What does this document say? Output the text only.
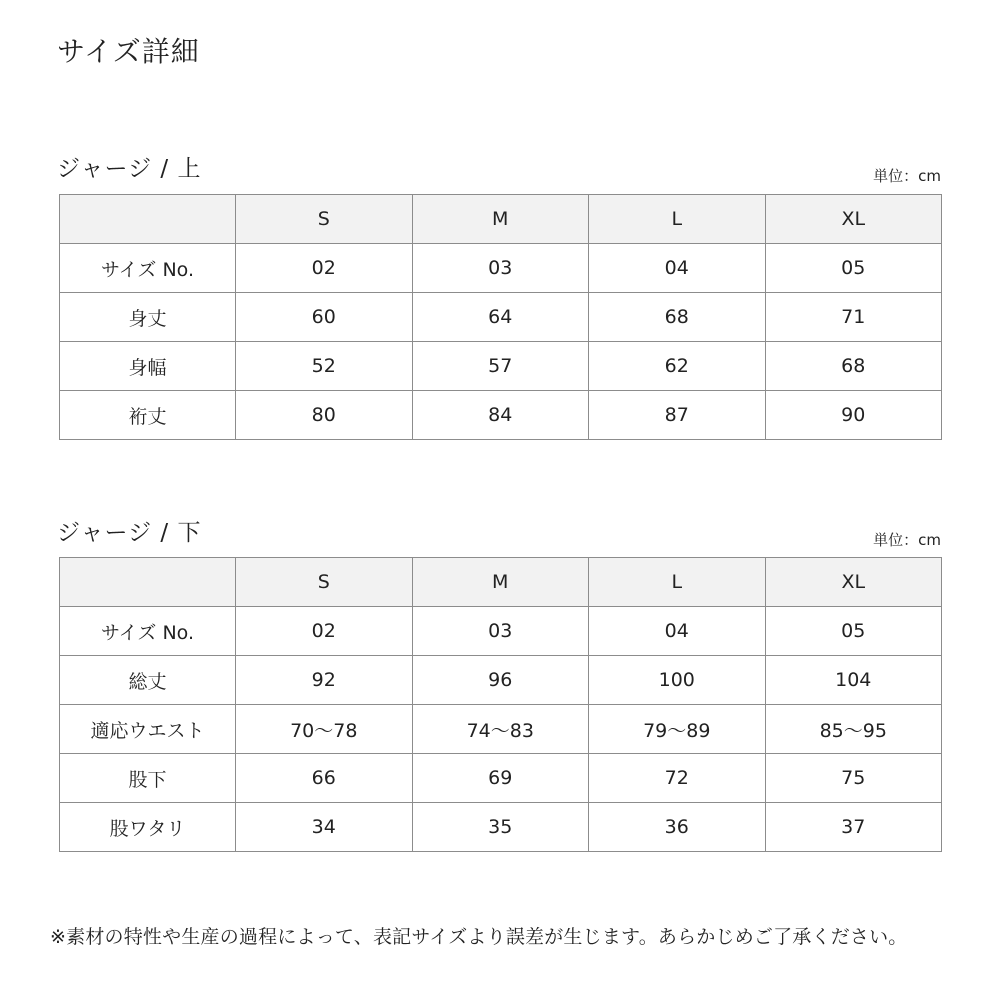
サイズ詳細
ジャージ / 上	単位：cm
	S	M	L	XL
サイズ No.	02	03	04	05
身丈	60	64	68	71
身幅	52	57	62	68
裄丈	80	84	87	90
ジャージ / 下	単位：cm
	S	M	L	XL
サイズ No.	02	03	04	05
総丈	92	96	100	104
適応ウエスト	70〜78	74〜83	79〜89	85〜95
股下	66	69	72	75
股ワタリ	34	35	36	37

※素材の特性や生産の過程によって、表記サイズより誤差が生じます。あらかじめご了承ください。
